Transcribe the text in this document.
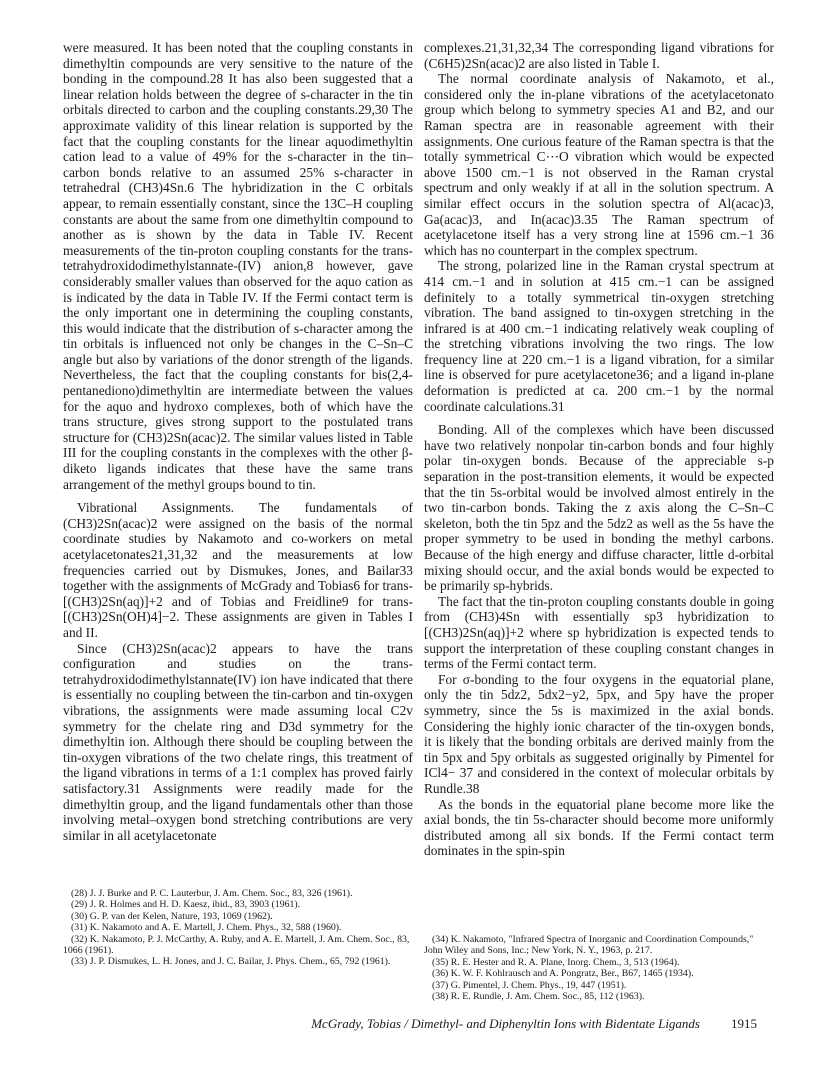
were measured. It has been noted that the coupling constants in dimethyltin compounds are very sensitive to the nature of the bonding in the compound.28 It has also been suggested that a linear relation holds between the degree of s-character in the tin orbitals directed to carbon and the coupling constants.29,30 The approximate validity of this linear relation is supported by the fact that the coupling constants for the linear aquodimethyltin cation lead to a value of 49% for the s-character in the tin–carbon bonds relative to an assumed 25% s-character in tetrahedral (CH3)4Sn.6 The hybridization in the C orbitals appear, to remain essentially constant, since the 13C–H coupling constants are about the same from one dimethyltin compound to another as is shown by the data in Table IV. Recent measurements of the tin-proton coupling constants for the trans-tetrahydroxidodimethylstannate-(IV) anion,8 however, gave considerably smaller values than observed for the aquo cation as is indicated by the data in Table IV. If the Fermi contact term is the only important one in determining the coupling constants, this would indicate that the distribution of s-character among the tin orbitals is influenced not only be changes in the C–Sn–C angle but also by variations of the donor strength of the ligands. Nevertheless, the fact that the coupling constants for bis(2,4-pentanediono)dimethyltin are intermediate between the values for the aquo and hydroxo complexes, both of which have the trans structure, gives strong support to the postulated trans structure for (CH3)2Sn(acac)2. The similar values listed in Table III for the coupling constants in the complexes with the other β-diketo ligands indicates that these have the same trans arrangement of the methyl groups bound to tin.

Vibrational Assignments. The fundamentals of (CH3)2Sn(acac)2 were assigned on the basis of the normal coordinate studies by Nakamoto and co-workers on metal acetylacetonates21,31,32 and the measurements at low frequencies carried out by Dismukes, Jones, and Bailar33 together with the assignments of McGrady and Tobias6 for trans-[(CH3)2Sn(aq)]+2 and of Tobias and Freidline9 for trans-[(CH3)2Sn(OH)4]−2. These assignments are given in Tables I and II.

Since (CH3)2Sn(acac)2 appears to have the trans configuration and studies on the trans-tetrahydroxidodimethylstannate(IV) ion have indicated that there is essentially no coupling between the tin-carbon and tin-oxygen vibrations, the assignments were made assuming local C2v symmetry for the chelate ring and D3d symmetry for the dimethyltin ion. Although there should be coupling between the tin-oxygen vibrations of the two chelate rings, this treatment of the ligand vibrations in terms of a 1:1 complex has proved fairly satisfactory.31 Assignments were readily made for the dimethyltin group, and the ligand fundamentals other than those involving metal–oxygen bond stretching contributions are very similar in all acetylacetonate

complexes.21,31,32,34 The corresponding ligand vibrations for (C6H5)2Sn(acac)2 are also listed in Table I.

The normal coordinate analysis of Nakamoto, et al., considered only the in-plane vibrations of the acetylacetonato group which belong to symmetry species A1 and B2, and our Raman spectra are in reasonable agreement with their assignments. One curious feature of the Raman spectra is that the totally symmetrical C⋯O vibration which would be expected above 1500 cm.−1 is not observed in the Raman crystal spectrum and only weakly if at all in the solution spectrum. A similar effect occurs in the solution spectra of Al(acac)3, Ga(acac)3, and In(acac)3.35 The Raman spectrum of acetylacetone itself has a very strong line at 1596 cm.−1 36 which has no counterpart in the complex spectrum.

The strong, polarized line in the Raman crystal spectrum at 414 cm.−1 and in solution at 415 cm.−1 can be assigned definitely to a totally symmetrical tin-oxygen stretching vibration. The band assigned to tin-oxygen stretching in the infrared is at 400 cm.−1 indicating relatively weak coupling of the stretching vibrations involving the two rings. The low frequency line at 220 cm.−1 is a ligand vibration, for a similar line is observed for pure acetylacetone36; and a ligand in-plane deformation is predicted at ca. 200 cm.−1 by the normal coordinate calculations.31

Bonding. All of the complexes which have been discussed have two relatively nonpolar tin-carbon bonds and four highly polar tin-oxygen bonds. Because of the appreciable s-p separation in the post-transition elements, it would be expected that the tin 5s-orbital would be involved almost entirely in the two tin-carbon bonds. Taking the z axis along the C–Sn–C skeleton, both the tin 5pz and the 5dz2 as well as the 5s have the proper symmetry to be used in bonding the methyl carbons. Because of the high energy and diffuse character, little d-orbital mixing should occur, and the axial bonds would be expected to be primarily sp-hybrids.

The fact that the tin-proton coupling constants double in going from (CH3)4Sn with essentially sp3 hybridization to [(CH3)2Sn(aq)]+2 where sp hybridization is expected tends to support the interpretation of these coupling constant changes in terms of the Fermi contact term.

For σ-bonding to the four oxygens in the equatorial plane, only the tin 5dz2, 5dx2−y2, 5px, and 5py have the proper symmetry, since the 5s is maximized in the axial bonds. Considering the highly ionic character of the tin-oxygen bonds, it is likely that the bonding orbitals are derived mainly from the tin 5px and 5py orbitals as suggested originally by Pimentel for ICl4− 37 and considered in the context of molecular orbitals by Rundle.38

As the bonds in the equatorial plane become more like the axial bonds, the tin 5s-character should become more uniformly distributed among all six bonds. If the Fermi contact term dominates in the spin-spin

(28) J. J. Burke and P. C. Lauterbur, J. Am. Chem. Soc., 83, 326 (1961).
(29) J. R. Holmes and H. D. Kaesz, ibid., 83, 3903 (1961).
(30) G. P. van der Kelen, Nature, 193, 1069 (1962).
(31) K. Nakamoto and A. E. Martell, J. Chem. Phys., 32, 588 (1960).
(32) K. Nakamoto, P. J. McCarthy, A. Ruby, and A. E. Martell, J. Am. Chem. Soc., 83, 1066 (1961).
(33) J. P. Dismukes, L. H. Jones, and J. C. Bailar, J. Phys. Chem., 65, 792 (1961).
(34) K. Nakamoto, "Infrared Spectra of Inorganic and Coordination Compounds," John Wiley and Sons, Inc.; New York, N. Y., 1963, p. 217.
(35) R. E. Hester and R. A. Plane, Inorg. Chem., 3, 513 (1964).
(36) K. W. F. Kohlrausch and A. Pongratz, Ber., B67, 1465 (1934).
(37) G. Pimentel, J. Chem. Phys., 19, 447 (1951).
(38) R. E. Rundle, J. Am. Chem. Soc., 85, 112 (1963).
McGrady, Tobias / Dimethyl- and Diphenyltin Ions with Bidentate Ligands 1915
